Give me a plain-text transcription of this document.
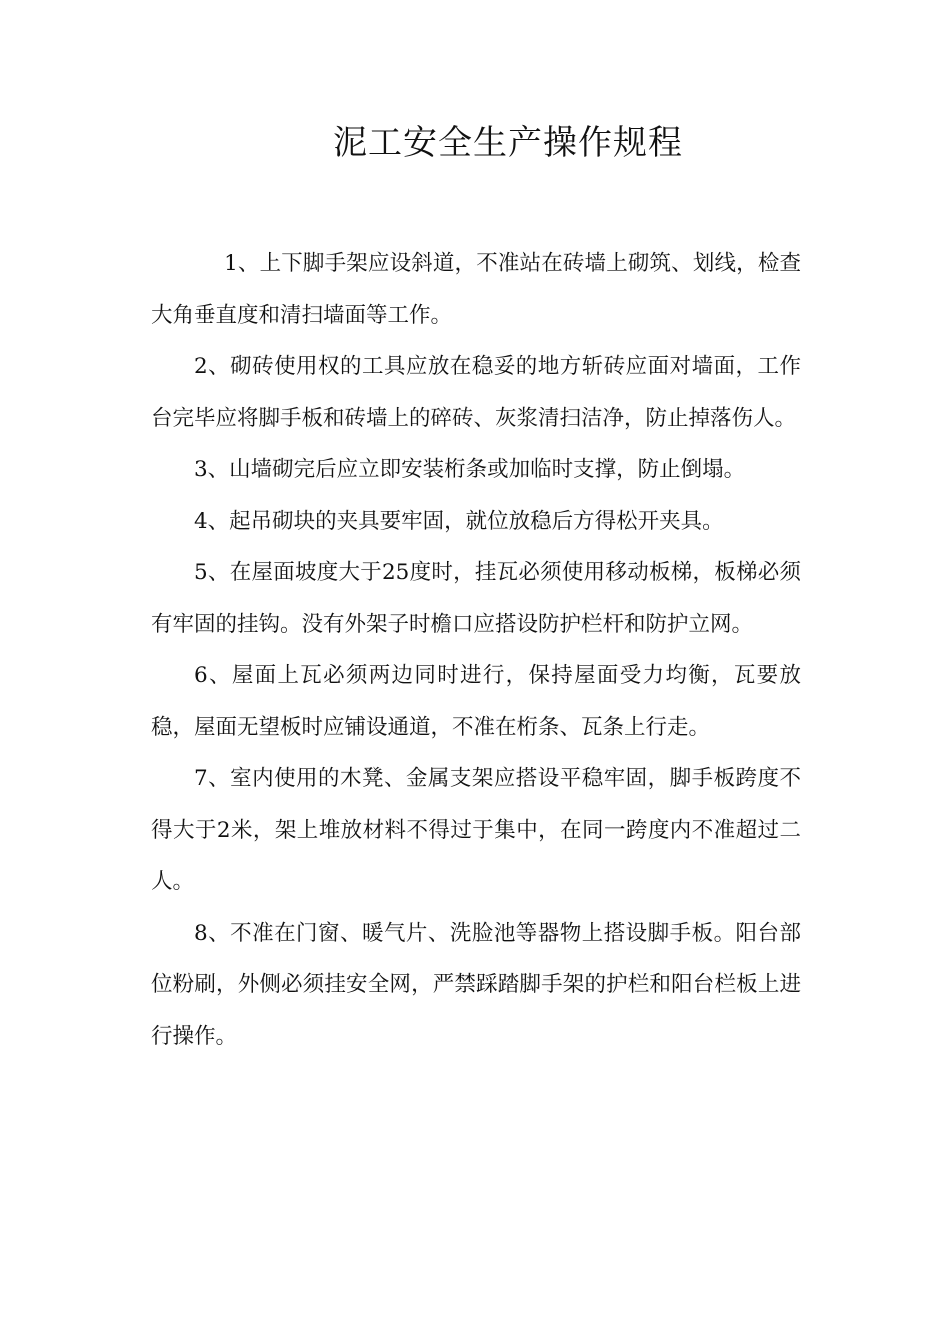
泥工安全生产操作规程

1、上下脚手架应设斜道，不准站在砖墙上砌筑、划线，检查大角垂直度和清扫墙面等工作。

2、砌砖使用权的工具应放在稳妥的地方斩砖应面对墙面，工作台完毕应将脚手板和砖墙上的碎砖、灰浆清扫洁净，防止掉落伤人。

3、山墙砌完后应立即安装桁条或加临时支撑，防止倒塌。

4、起吊砌块的夹具要牢固，就位放稳后方得松开夹具。

5、在屋面坡度大于25度时，挂瓦必须使用移动板梯，板梯必须有牢固的挂钩。没有外架子时檐口应搭设防护栏杆和防护立网。

6、屋面上瓦必须两边同时进行，保持屋面受力均衡，瓦要放稳，屋面无望板时应铺设通道，不准在桁条、瓦条上行走。

7、室内使用的木凳、金属支架应搭设平稳牢固，脚手板跨度不得大于2米，架上堆放材料不得过于集中，在同一跨度内不准超过二人。

8、不准在门窗、暖气片、洗脸池等器物上搭设脚手板。阳台部位粉刷，外侧必须挂安全网，严禁踩踏脚手架的护栏和阳台栏板上进行操作。
